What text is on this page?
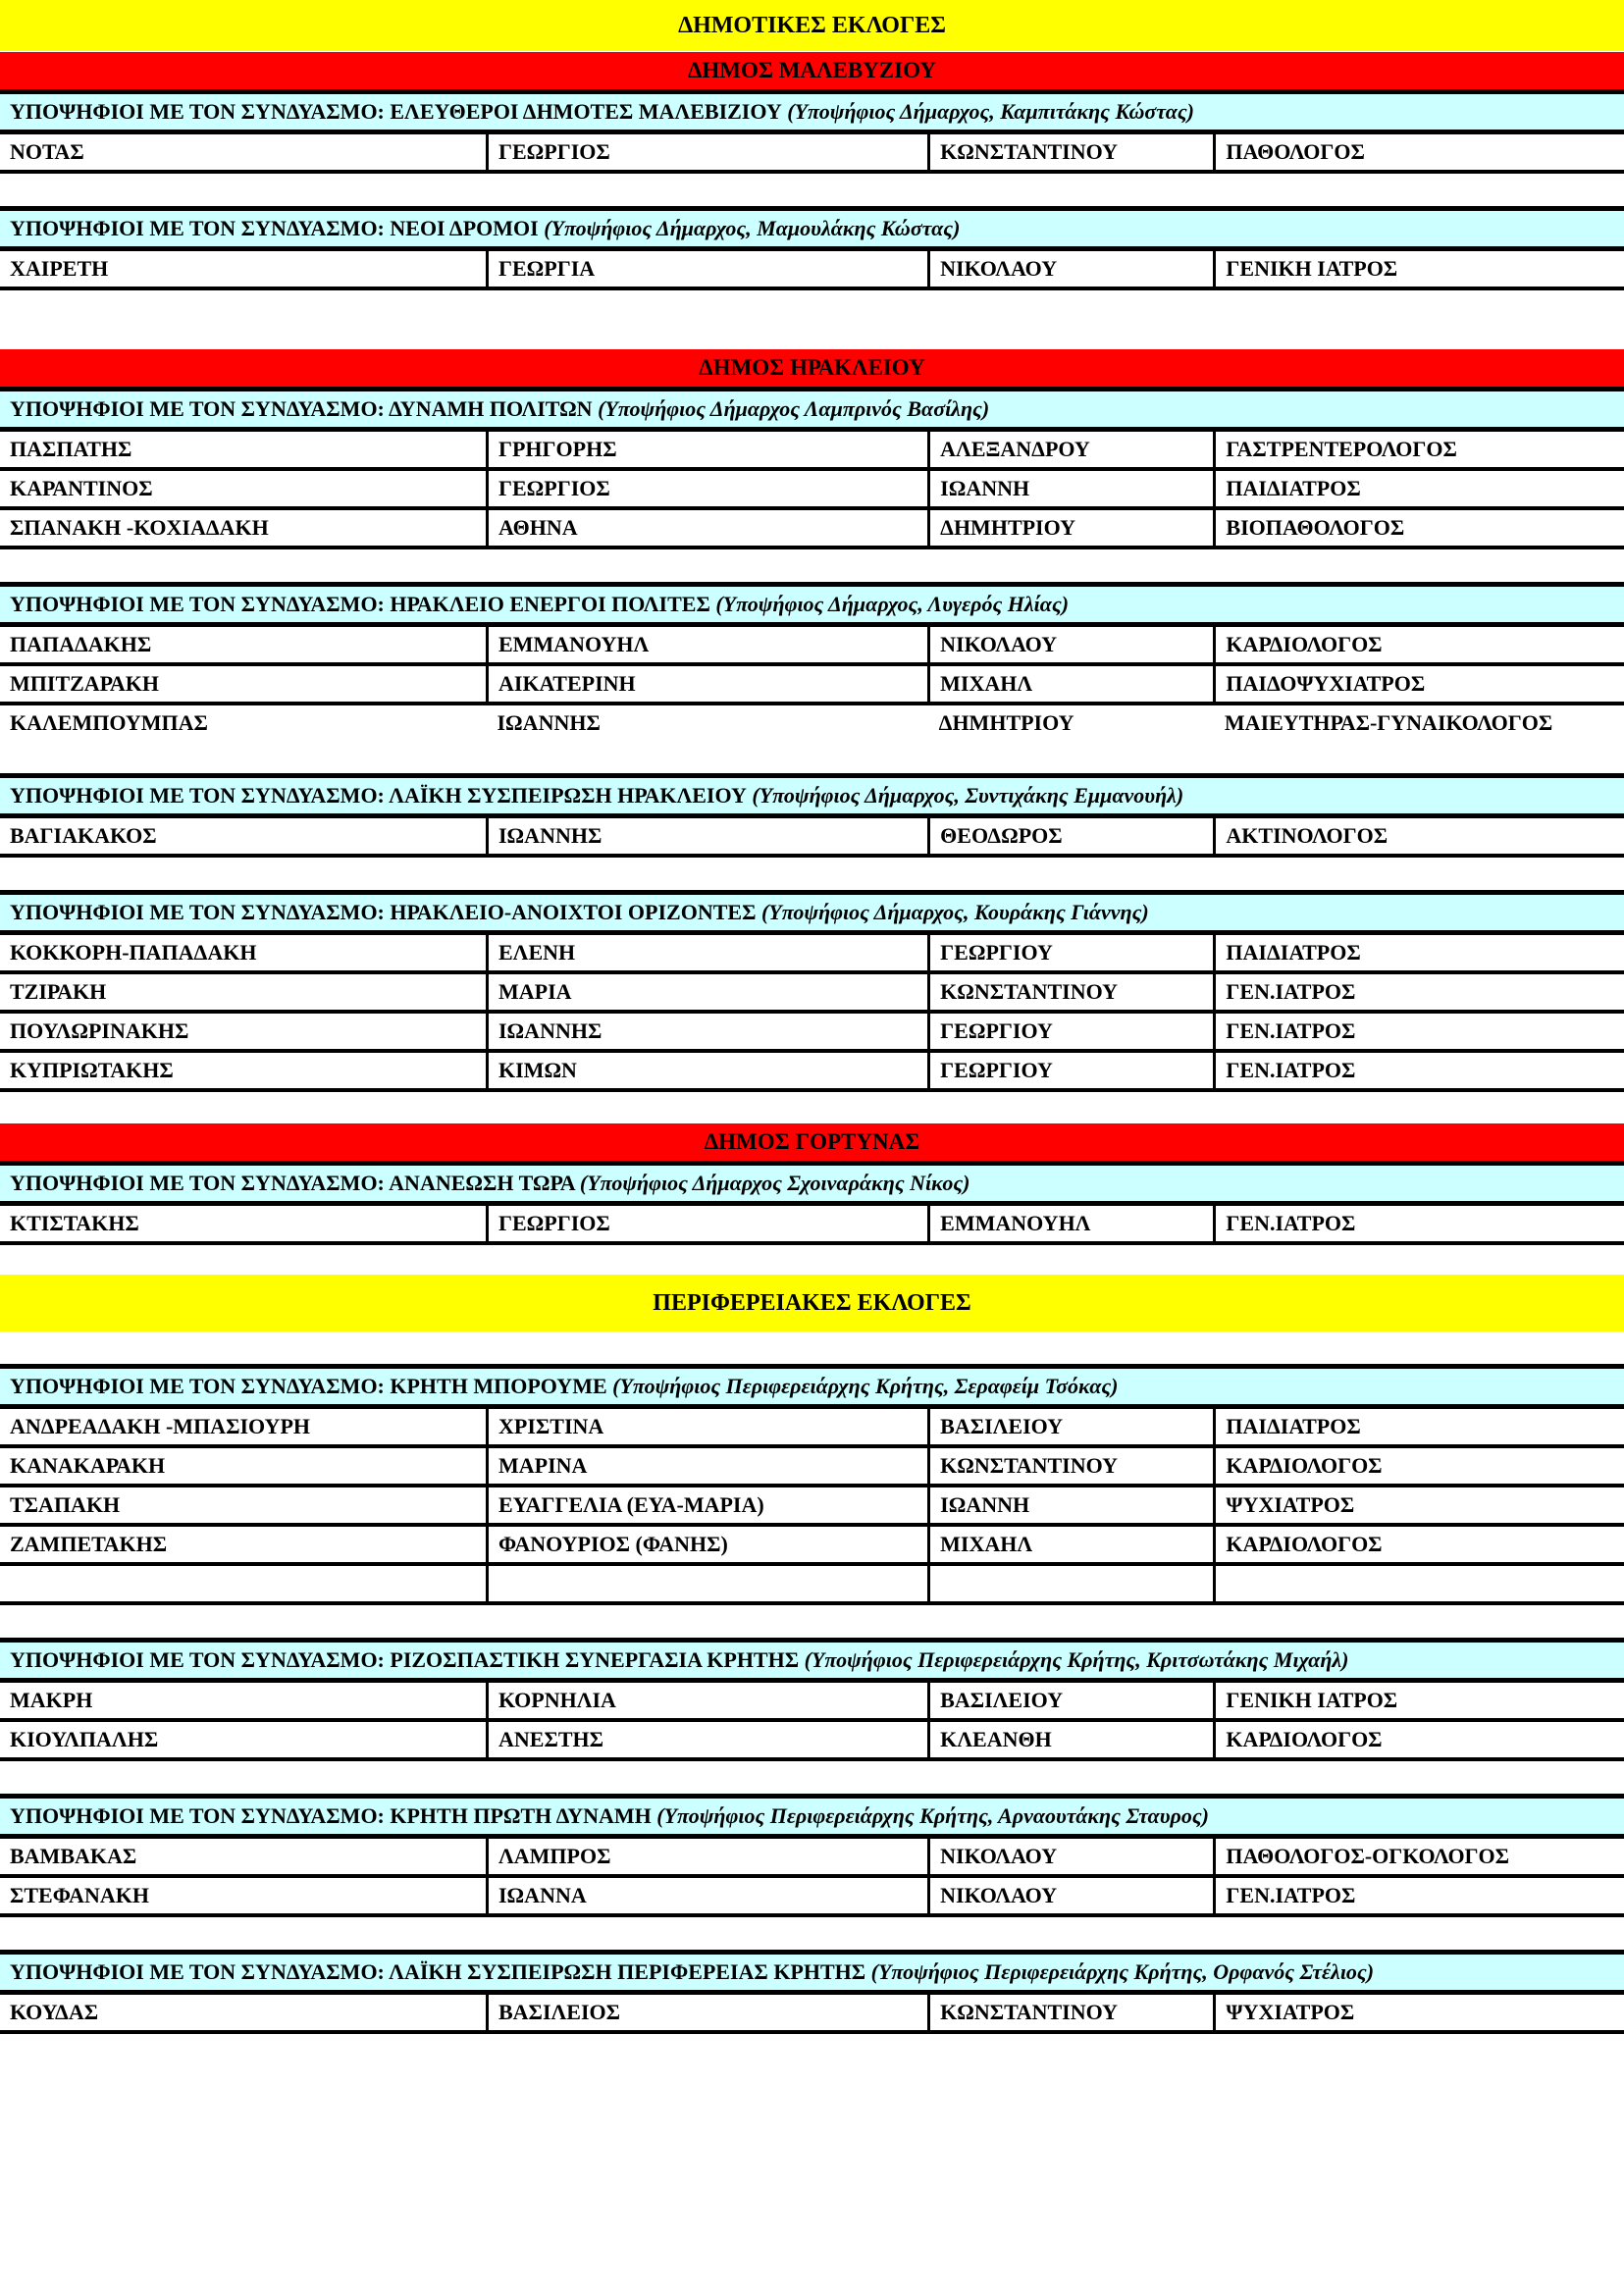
ΔΗΜΟΤΙΚΕΣ ΕΚΛΟΓΕΣ
ΔΗΜΟΣ ΜΑΛΕΒΥΖΙΟΥ
ΥΠΟΨΗΦΙΟΙ ΜΕ ΤΟΝ ΣΥΝΔΥΑΣΜΟ: ΕΛΕΥΘΕΡΟΙ ΔΗΜΟΤΕΣ ΜΑΛΕΒΙΖΙΟΥ (Υποψήφιος Δήμαρχος, Καμπιτάκης Κώστας)
ΝΟΤΑΣ	ΓΕΩΡΓΙΟΣ	ΚΩΝΣΤΑΝΤΙΝΟΥ	ΠΑΘΟΛΟΓΟΣ
ΥΠΟΨΗΦΙΟΙ ΜΕ ΤΟΝ ΣΥΝΔΥΑΣΜΟ: ΝΕΟΙ ΔΡΟΜΟΙ (Υποψήφιος Δήμαρχος, Μαμουλάκης Κώστας)
ΧΑΙΡΕΤΗ	ΓΕΩΡΓΙΑ	ΝΙΚΟΛΑΟΥ	ΓΕΝΙΚΗ ΙΑΤΡΟΣ
ΔΗΜΟΣ ΗΡΑΚΛΕΙΟΥ
ΥΠΟΨΗΦΙΟΙ ΜΕ ΤΟΝ ΣΥΝΔΥΑΣΜΟ: ΔΥΝΑΜΗ ΠΟΛΙΤΩΝ (Υποψήφιος Δήμαρχος Λαμπρινός Βασίλης)
ΠΑΣΠΑΤΗΣ	ΓΡΗΓΟΡΗΣ	ΑΛΕΞΑΝΔΡΟΥ	ΓΑΣΤΡΕΝΤΕΡΟΛΟΓΟΣ
ΚΑΡΑΝΤΙΝΟΣ	ΓΕΩΡΓΙΟΣ	ΙΩΑΝΝΗ	ΠΑΙΔΙΑΤΡΟΣ
ΣΠΑΝΑΚΗ -ΚΟΧΙΑΔΑΚΗ	ΑΘΗΝΑ	ΔΗΜΗΤΡΙΟΥ	ΒΙΟΠΑΘΟΛΟΓΟΣ
ΥΠΟΨΗΦΙΟΙ ΜΕ ΤΟΝ ΣΥΝΔΥΑΣΜΟ: ΗΡΑΚΛΕΙΟ ΕΝΕΡΓΟΙ ΠΟΛΙΤΕΣ (Υποψήφιος Δήμαρχος, Λυγερός Ηλίας)
ΠΑΠΑΔΑΚΗΣ	ΕΜΜΑΝΟΥΗΛ	ΝΙΚΟΛΑΟΥ	ΚΑΡΔΙΟΛΟΓΟΣ
ΜΠΙΤΖΑΡΑΚΗ	ΑΙΚΑΤΕΡΙΝΗ	ΜΙΧΑΗΛ	ΠΑΙΔΟΨΥΧΙΑΤΡΟΣ
ΚΑΛΕΜΠΟΥΜΠΑΣ	ΙΩΑΝΝΗΣ	ΔΗΜΗΤΡΙΟΥ	ΜΑΙΕΥΤΗΡΑΣ-ΓΥΝΑΙΚΟΛΟΓΟΣ
ΥΠΟΨΗΦΙΟΙ ΜΕ ΤΟΝ ΣΥΝΔΥΑΣΜΟ: ΛΑΪΚΗ ΣΥΣΠΕΙΡΩΣΗ ΗΡΑΚΛΕΙΟΥ (Υποψήφιος Δήμαρχος, Συντιχάκης Εμμανουήλ)
ΒΑΓΙΑΚΑΚΟΣ	ΙΩΑΝΝΗΣ	ΘΕΟΔΩΡΟΣ	ΑΚΤΙΝΟΛΟΓΟΣ
ΥΠΟΨΗΦΙΟΙ ΜΕ ΤΟΝ ΣΥΝΔΥΑΣΜΟ: ΗΡΑΚΛΕΙΟ-ΑΝΟΙΧΤΟΙ ΟΡΙΖΟΝΤΕΣ (Υποψήφιος Δήμαρχος, Κουράκης Γιάννης)
ΚΟΚΚΟΡΗ-ΠΑΠΑΔΑΚΗ	ΕΛΕΝΗ	ΓΕΩΡΓΙΟΥ	ΠΑΙΔΙΑΤΡΟΣ
ΤΖΙΡΑΚΗ	ΜΑΡΙΑ	ΚΩΝΣΤΑΝΤΙΝΟΥ	ΓΕΝ.ΙΑΤΡΟΣ
ΠΟΥΛΩΡΙΝΑΚΗΣ	ΙΩΑΝΝΗΣ	ΓΕΩΡΓΙΟΥ	ΓΕΝ.ΙΑΤΡΟΣ
ΚΥΠΡΙΩΤΑΚΗΣ	ΚΙΜΩΝ	ΓΕΩΡΓΙΟΥ	ΓΕΝ.ΙΑΤΡΟΣ
ΔΗΜΟΣ ΓΟΡΤΥΝΑΣ
ΥΠΟΨΗΦΙΟΙ ΜΕ ΤΟΝ ΣΥΝΔΥΑΣΜΟ: ΑΝΑΝΕΩΣΗ ΤΩΡΑ (Υποψήφιος Δήμαρχος Σχοιναράκης Νίκος)
ΚΤΙΣΤΑΚΗΣ	ΓΕΩΡΓΙΟΣ	ΕΜΜΑΝΟΥΗΛ	ΓΕΝ.ΙΑΤΡΟΣ
ΠΕΡΙΦΕΡΕΙΑΚΕΣ ΕΚΛΟΓΕΣ
ΥΠΟΨΗΦΙΟΙ ΜΕ ΤΟΝ ΣΥΝΔΥΑΣΜΟ: ΚΡΗΤΗ ΜΠΟΡΟΥΜΕ (Υποψήφιος Περιφερειάρχης Κρήτης, Σεραφείμ Τσόκας)
ΑΝΔΡΕΑΔΑΚΗ -ΜΠΑΣΙΟΥΡΗ	ΧΡΙΣΤΙΝΑ	ΒΑΣΙΛΕΙΟΥ	ΠΑΙΔΙΑΤΡΟΣ
ΚΑΝΑΚΑΡΑΚΗ	ΜΑΡΙΝΑ	ΚΩΝΣΤΑΝΤΙΝΟΥ	ΚΑΡΔΙΟΛΟΓΟΣ
ΤΣΑΠΑΚΗ	ΕΥΑΓΓΕΛΙΑ (ΕΥΑ-ΜΑΡΙΑ)	ΙΩΑΝΝΗ	ΨΥΧΙΑΤΡΟΣ
ΖΑΜΠΕΤΑΚΗΣ	ΦΑΝΟΥΡΙΟΣ (ΦΑΝΗΣ)	ΜΙΧΑΗΛ	ΚΑΡΔΙΟΛΟΓΟΣ

ΥΠΟΨΗΦΙΟΙ ΜΕ ΤΟΝ ΣΥΝΔΥΑΣΜΟ: ΡΙΖΟΣΠΑΣΤΙΚΗ ΣΥΝΕΡΓΑΣΙΑ ΚΡΗΤΗΣ (Υποψήφιος Περιφερειάρχης Κρήτης, Κριτσωτάκης Μιχαήλ)
ΜΑΚΡΗ	ΚΟΡΝΗΛΙΑ	ΒΑΣΙΛΕΙΟΥ	ΓΕΝΙΚΗ ΙΑΤΡΟΣ
ΚΙΟΥΛΠΑΛΗΣ	ΑΝΕΣΤΗΣ	ΚΛΕΑΝΘΗ	ΚΑΡΔΙΟΛΟΓΟΣ
ΥΠΟΨΗΦΙΟΙ ΜΕ ΤΟΝ ΣΥΝΔΥΑΣΜΟ: ΚΡΗΤΗ ΠΡΩΤΗ ΔΥΝΑΜΗ (Υποψήφιος Περιφερειάρχης Κρήτης, Αρναουτάκης Σταυρος)
ΒΑΜΒΑΚΑΣ	ΛΑΜΠΡΟΣ	ΝΙΚΟΛΑΟΥ	ΠΑΘΟΛΟΓΟΣ-ΟΓΚΟΛΟΓΟΣ
ΣΤΕΦΑΝΑΚΗ	ΙΩΑΝΝΑ	ΝΙΚΟΛΑΟΥ	ΓΕΝ.ΙΑΤΡΟΣ
ΥΠΟΨΗΦΙΟΙ ΜΕ ΤΟΝ ΣΥΝΔΥΑΣΜΟ: ΛΑΪΚΗ ΣΥΣΠΕΙΡΩΣΗ ΠΕΡΙΦΕΡΕΙΑΣ ΚΡΗΤΗΣ (Υποψήφιος Περιφερειάρχης Κρήτης, Ορφανός Στέλιος)
ΚΟΥΔΑΣ	ΒΑΣΙΛΕΙΟΣ	ΚΩΝΣΤΑΝΤΙΝΟΥ	ΨΥΧΙΑΤΡΟΣ
